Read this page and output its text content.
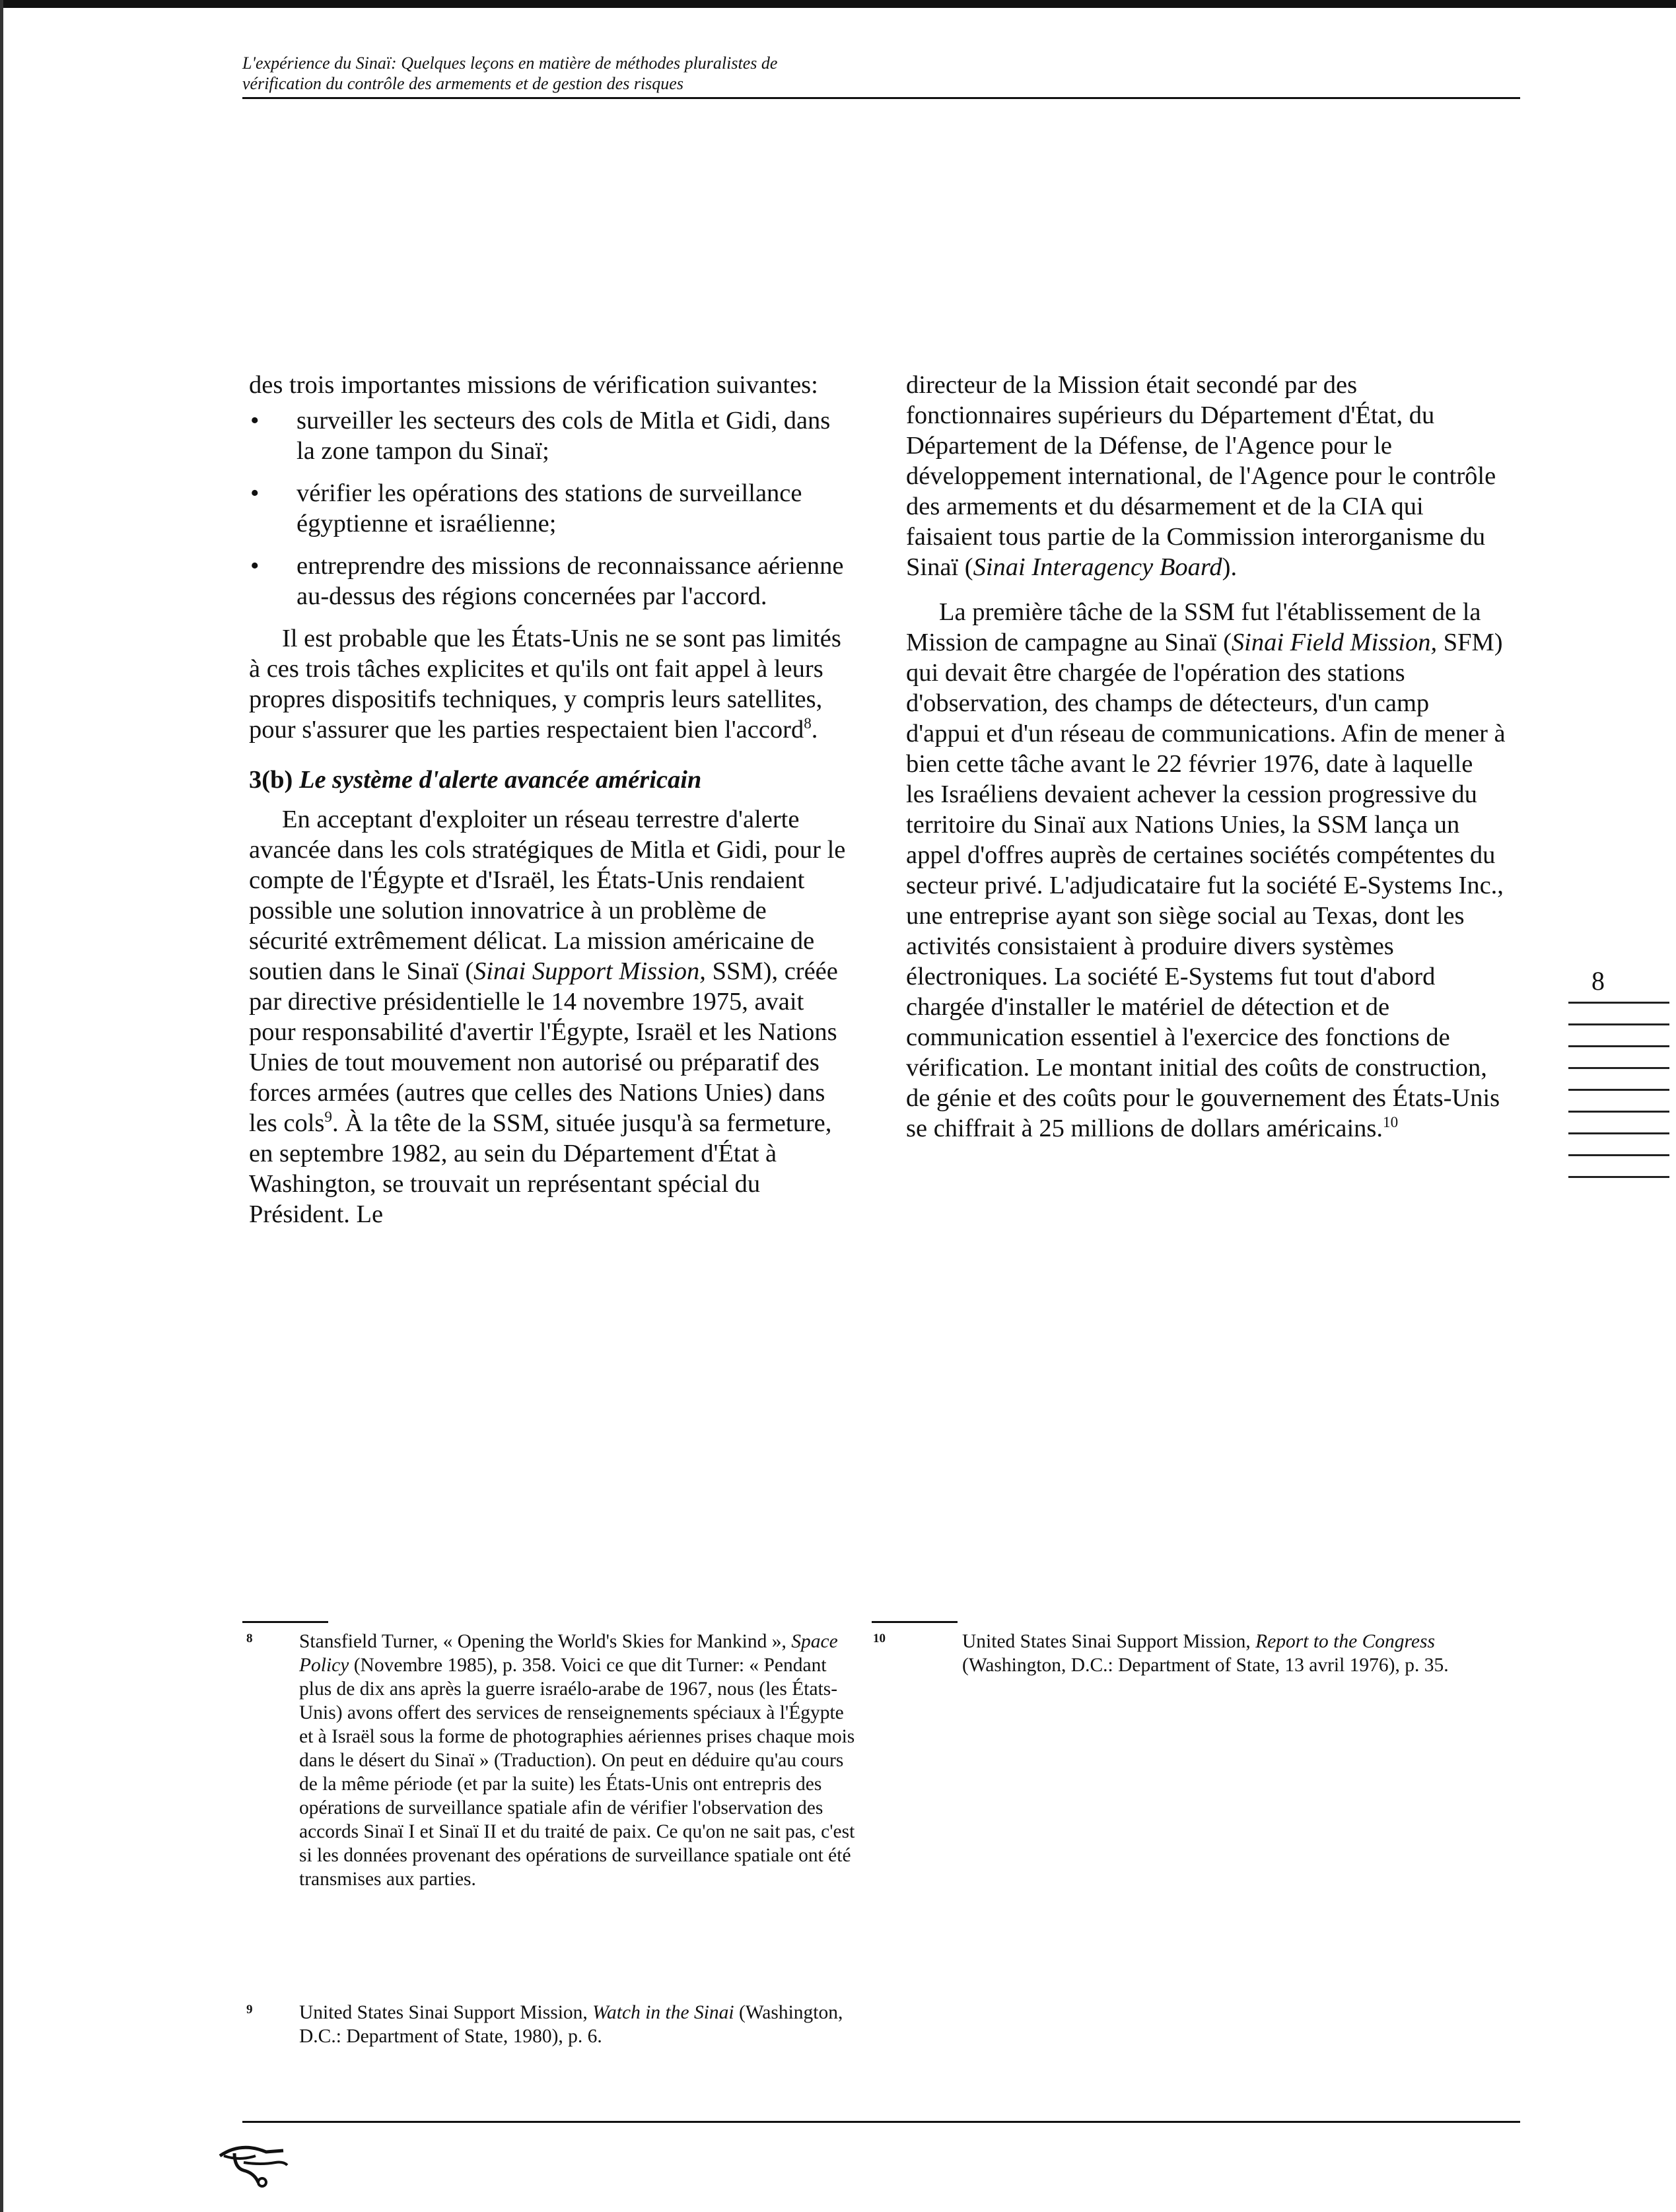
L'expérience du Sinaï: Quelques leçons en matière de méthodes pluralistes de
vérification du contrôle des armements et de gestion des risques

des trois importantes missions de vérification suivantes:

• surveiller les secteurs des cols de Mitla et Gidi, dans la zone tampon du Sinaï;
• vérifier les opérations des stations de surveillance égyptienne et israélienne;
• entreprendre des missions de reconnaissance aérienne au-dessus des régions concernées par l'accord.

Il est probable que les États-Unis ne se sont pas limités à ces trois tâches explicites et qu'ils ont fait appel à leurs propres dispositifs techniques, y compris leurs satellites, pour s'assurer que les parties respectaient bien l'accord$^8$.

3(b) Le système d'alerte avancée américain

En acceptant d'exploiter un réseau terrestre d'alerte avancée dans les cols stratégiques de Mitla et Gidi, pour le compte de l'Égypte et d'Israël, les États-Unis rendaient possible une solution innovatrice à un problème de sécurité extrêmement délicat. La mission américaine de soutien dans le Sinaï (Sinai Support Mission, SSM), créée par directive présidentielle le 14 novembre 1975, avait pour responsabilité d'avertir l'Égypte, Israël et les Nations Unies de tout mouvement non autorisé ou préparatif des forces armées (autres que celles des Nations Unies) dans les cols$^9$. À la tête de la SSM, située jusqu'à sa fermeture, en septembre 1982, au sein du Département d'État à Washington, se trouvait un représentant spécial du Président. Le

directeur de la Mission était secondé par des fonctionnaires supérieurs du Département d'État, du Département de la Défense, de l'Agence pour le développement international, de l'Agence pour le contrôle des armements et du désarmement et de la CIA qui faisaient tous partie de la Commission interorganisme du Sinaï (Sinai Interagency Board).

La première tâche de la SSM fut l'établissement de la Mission de campagne au Sinaï (Sinai Field Mission, SFM) qui devait être chargée de l'opération des stations d'observation, des champs de détecteurs, d'un camp d'appui et d'un réseau de communications. Afin de mener à bien cette tâche avant le 22 février 1976, date à laquelle les Israéliens devaient achever la cession progressive du territoire du Sinaï aux Nations Unies, la SSM lança un appel d'offres auprès de certaines sociétés compétentes du secteur privé. L'adjudicataire fut la société E-Systems Inc., une entreprise ayant son siège social au Texas, dont les activités consistaient à produire divers systèmes électroniques. La société E-Systems fut tout d'abord chargée d'installer le matériel de détection et de communication essentiel à l'exercice des fonctions de vérification. Le montant initial des coûts de construction, de génie et des coûts pour le gouvernement des États-Unis se chiffrait à 25 millions de dollars américains.$^{10}$

8
8 Stansfield Turner, « Opening the World's Skies for Mankind », Space Policy (Novembre 1985), p. 358. Voici ce que dit Turner: « Pendant plus de dix ans après la guerre israélo-arabe de 1967, nous (les États-Unis) avons offert des services de renseignements spéciaux à l'Égypte et à Israël sous la forme de photographies aériennes prises chaque mois dans le désert du Sinaï » (Traduction). On peut en déduire qu'au cours de la même période (et par la suite) les États-Unis ont entrepris des opérations de surveillance spatiale afin de vérifier l'observation des accords Sinaï I et Sinaï II et du traité de paix. Ce qu'on ne sait pas, c'est si les données provenant des opérations de surveillance spatiale ont été transmises aux parties.
9 United States Sinai Support Mission, Watch in the Sinai (Washington, D.C.: Department of State, 1980), p. 6.
10	United States Sinai Support Mission, Report to the Congress (Washington, D.C.: Department of State, 13 avril 1976), p. 35.
